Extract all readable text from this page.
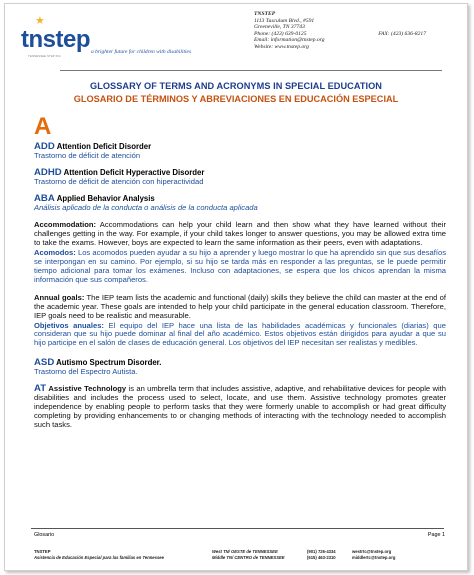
★
tnstep
TENNESSEE STEP INC
a brighter future for children with disabilities
TNSTEP
1113 Tusculum Blvd., #591
Greeneville, TN 37743
Phone: (423) 639-0125	FAX: (423) 636-8217
Email: information@tnstep.org
Website: www.tnstep.org
GLOSSARY OF TERMS AND ACRONYMS IN SPECIAL EDUCATION
GLOSARIO DE TÉRMINOS Y ABREVIACIONES EN EDUCACIÓN ESPECIAL
A
ADD Attention Deficit Disorder
Trastorno de déficit de atención
ADHD Attention Deficit Hyperactive Disorder
Trastorno de déficit de atención con hiperactividad
ABA Applied Behavior Analysis
Análisis aplicado de la conducta o análisis de la conducta aplicada
Accommodation: Accommodations can help your child learn and then show what they have learned without their challenges getting in the way. For example, if your child takes longer to answer questions, you may be allowed extra time to take the exams. However, boys are expected to learn the same information as their peers, even with adaptations.
Acomodos: Los acomodos pueden ayudar a su hijo a aprender y luego mostrar lo que ha aprendido sin que sus desafíos se interpongan en su camino. Por ejemplo, si su hijo se tarda más en responder a las preguntas, se le puede permitir tiempo adicional para tomar los exámenes. Incluso con adaptaciones, se espera que los chicos aprendan la misma información que sus compañeros.
Annual goals: The IEP team lists the academic and functional (daily) skills they believe the child can master at the end of the academic year. These goals are intended to help your child participate in the general education classroom. Therefore, IEP goals need to be realistic and measurable.
Objetivos anuales: El equipo del IEP hace una lista de las habilidades académicas y funcionales (diarias) que consideran que su hijo puede dominar al final del año académico. Estos objetivos están dirigidos para ayudar a que su hijo participe en el salón de clases de educación general. Los objetivos del IEP necesitan ser realistas y medibles.
ASD Autismo Spectrum Disorder.
Trastorno del Espectro Autista.
AT Assistive Technology is an umbrella term that includes assistive, adaptive, and rehabilitative devices for people with disabilities and includes the process used to select, locate, and use them. Assistive technology promotes greater independence by enabling people to perform tasks that they were formerly unable to accomplish or had great difficulty completing by providing enhancements to or changing methods of interacting with the technology needed to accomplish such tasks.
Glosario	Page 1
TNSTEP
Asistencia de Educación Especial para las familias en Tennessee
West TN/ OESTE de TENNESSEE	(901) 726-4334	westrtc@tnstep.org
Middle TN/ CENTRO de TENNESSEE	(615) 463-2310	middlertc@tnstep.org
